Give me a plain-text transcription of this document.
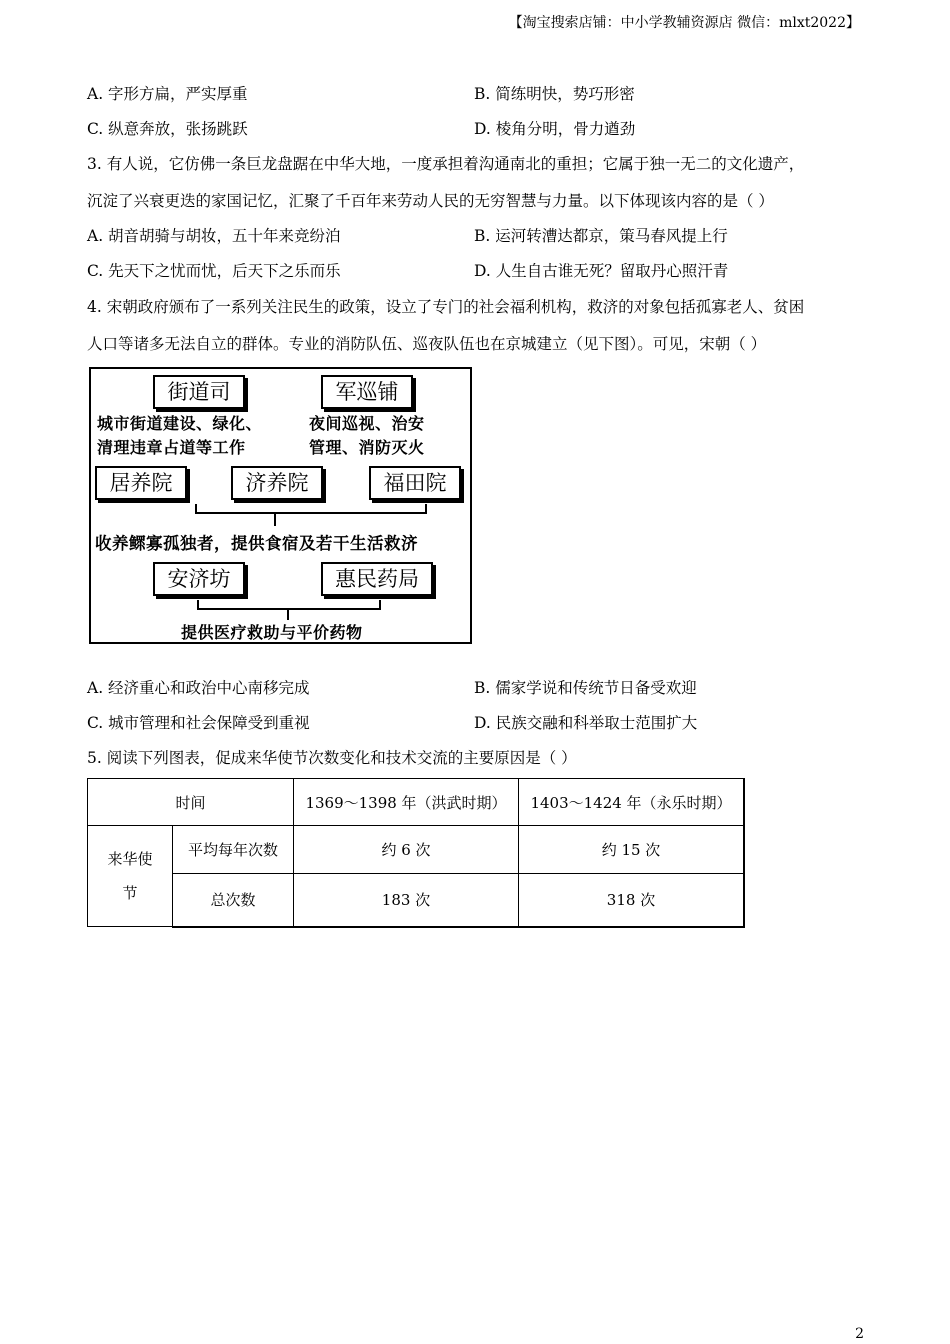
【淘宝搜索店铺：中小学教辅资源店 微信：mlxt2022】
A. 字形方扁，严实厚重	B. 简练明快，势巧形密
C. 纵意奔放，张扬跳跃	D. 棱角分明，骨力遒劲
3. 有人说，它仿佛一条巨龙盘踞在中华大地，一度承担着沟通南北的重担；它属于独一无二的文化遗产，
沉淀了兴衰更迭的家国记忆，汇聚了千百年来劳动人民的无穷智慧与力量。以下体现该内容的是（ ）
A. 胡音胡骑与胡妆，五十年来竞纷泊	B. 运河转漕达都京，策马春风提上行
C. 先天下之忧而忧，后天下之乐而乐	D. 人生自古谁无死？留取丹心照汗青
4. 宋朝政府颁布了一系列关注民生的政策，设立了专门的社会福利机构，救济的对象包括孤寡老人、贫困
人口等诸多无法自立的群体。专业的消防队伍、巡夜队伍也在京城建立（见下图）。可见，宋朝（ ）
街道司	军巡铺
城市街道建设、绿化、
清理违章占道等工作
夜间巡视、治安
管理、消防灭火
居养院	济养院	福田院
收养鳏寡孤独者，提供食宿及若干生活救济
安济坊	惠民药局
提供医疗救助与平价药物
A. 经济重心和政治中心南移完成	B. 儒家学说和传统节日备受欢迎
C. 城市管理和社会保障受到重视	D. 民族交融和科举取士范围扩大
5. 阅读下列图表，促成来华使节次数变化和技术交流的主要原因是（ ）
时间		1369～1398 年（洪武时期）	1403～1424 年（永乐时期）

来华使节	平均每年次数	约 6 次	约 15 次
	总次数	183 次	318 次
2
